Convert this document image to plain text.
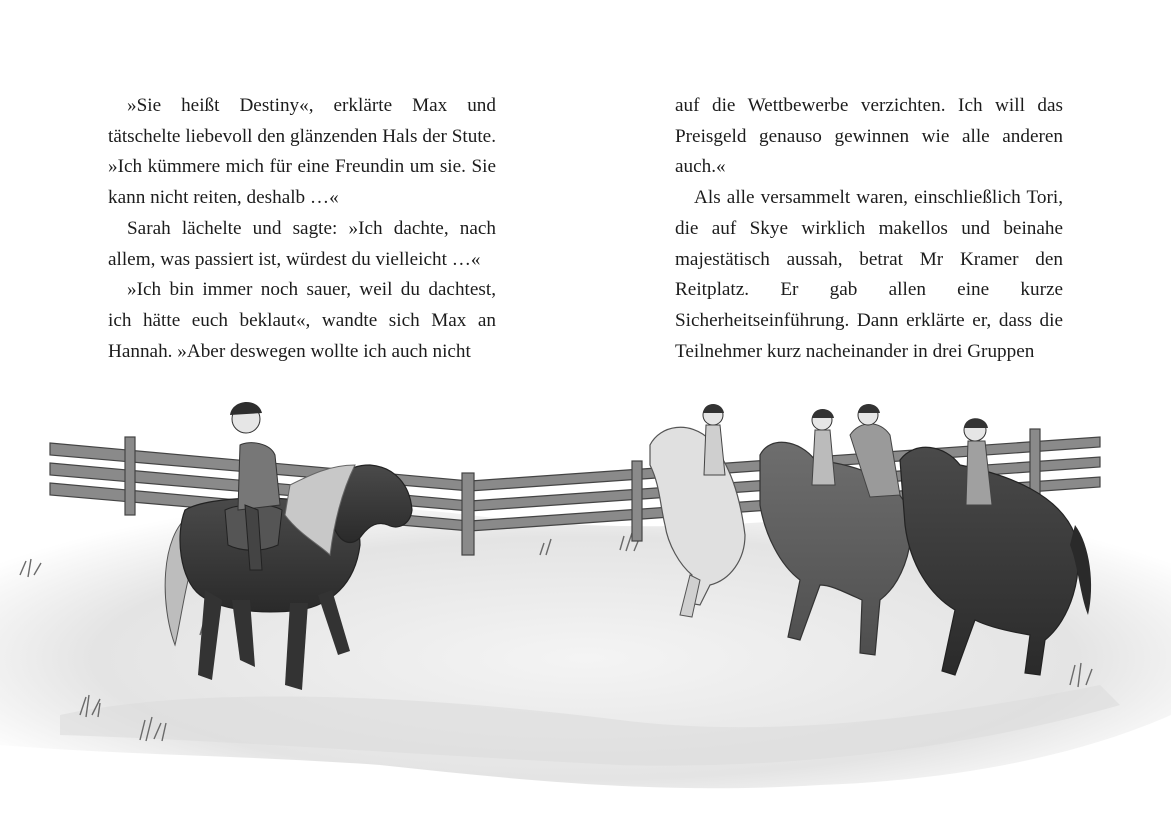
»Sie heißt Destiny«, erklärte Max und tätschelte liebevoll den glänzenden Hals der Stute. »Ich kümmere mich für eine Freundin um sie. Sie kann nicht reiten, deshalb …«

Sarah lächelte und sagte: »Ich dachte, nach allem, was passiert ist, würdest du vielleicht …«

»Ich bin immer noch sauer, weil du dachtest, ich hätte euch beklaut«, wandte sich Max an Hannah. »Aber deswegen wollte ich auch nicht

auf die Wettbewerbe verzichten. Ich will das Preisgeld genauso gewinnen wie alle anderen auch.«

Als alle versammelt waren, einschließlich Tori, die auf Skye wirklich makellos und beinahe majestätisch aussah, betrat Mr Kramer den Reitplatz. Er gab allen eine kurze Sicherheitseinführung. Dann erklärte er, dass die Teilnehmer kurz nacheinander in drei Gruppen
